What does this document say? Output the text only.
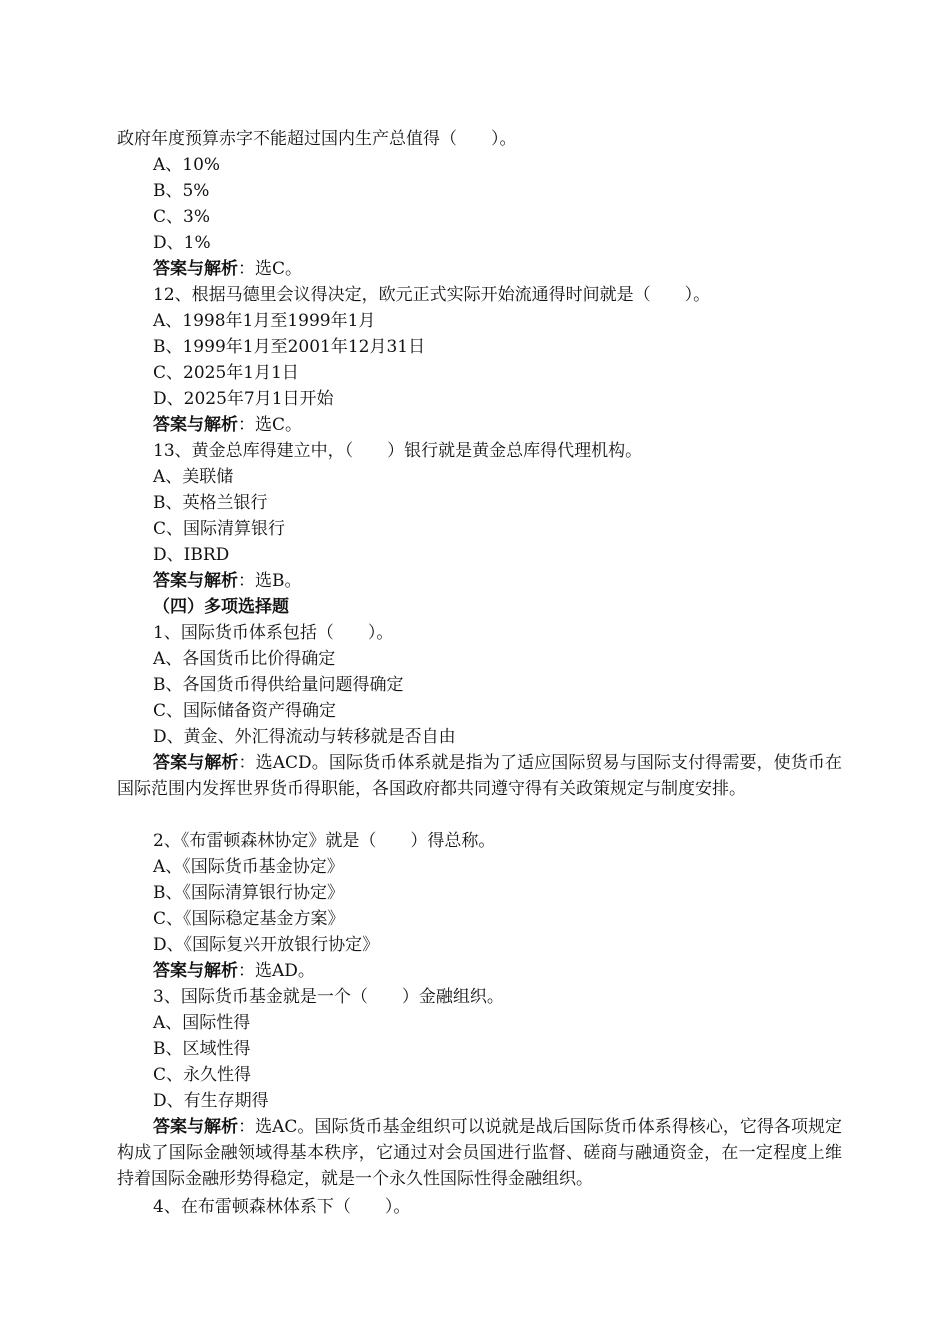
政府年度预算赤字不能超过国内生产总值得（　　）。
A、10%
B、5%
C、3%
D、1%
答案与解析：选C。
12、根据马德里会议得决定，欧元正式实际开始流通得时间就是（　　）。
A、1998年1月至1999年1月
B、1999年1月至2001年12月31日
C、2025年1月1日
D、2025年7月1日开始
答案与解析：选C。
13、黄金总库得建立中，（　　）银行就是黄金总库得代理机构。
A、美联储
B、英格兰银行
C、国际清算银行
D、IBRD
答案与解析：选B。
（四）多项选择题
1、国际货币体系包括（　　）。
A、各国货币比价得确定
B、各国货币得供给量问题得确定
C、国际储备资产得确定
D、黄金、外汇得流动与转移就是否自由
答案与解析：选ACD。国际货币体系就是指为了适应国际贸易与国际支付得需要，使货币在国际范围内发挥世界货币得职能，各国政府都共同遵守得有关政策规定与制度安排。
2、《布雷顿森林协定》就是（　　）得总称。
A、《国际货币基金协定》
B、《国际清算银行协定》
C、《国际稳定基金方案》
D、《国际复兴开放银行协定》
答案与解析：选AD。
3、国际货币基金就是一个（　　）金融组织。
A、国际性得
B、区域性得
C、永久性得
D、有生存期得
答案与解析：选AC。国际货币基金组织可以说就是战后国际货币体系得核心，它得各项规定构成了国际金融领域得基本秩序，它通过对会员国进行监督、磋商与融通资金，在一定程度上维持着国际金融形势得稳定，就是一个永久性国际性得金融组织。
4、在布雷顿森林体系下（　　）。
